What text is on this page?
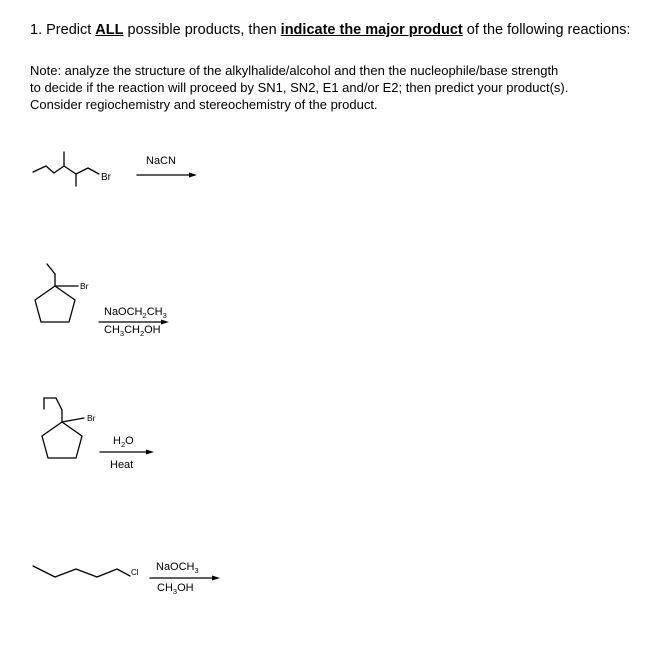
1. Predict ALL possible products, then indicate the major product of the following reactions:
Note: analyze the structure of the alkylhalide/alcohol and then the nucleophile/base strength
to decide if the reaction will proceed by SN1, SN2, E1 and/or E2; then predict your product(s).
Consider regiochemistry and stereochemistry of the product.
Br
NaCN
Br
$NaOCH_2CH_3$
$CH_3CH_2OH$
Br
$H_2O$
Heat
Cl NaOCH$_3$
$CH_3OH$
